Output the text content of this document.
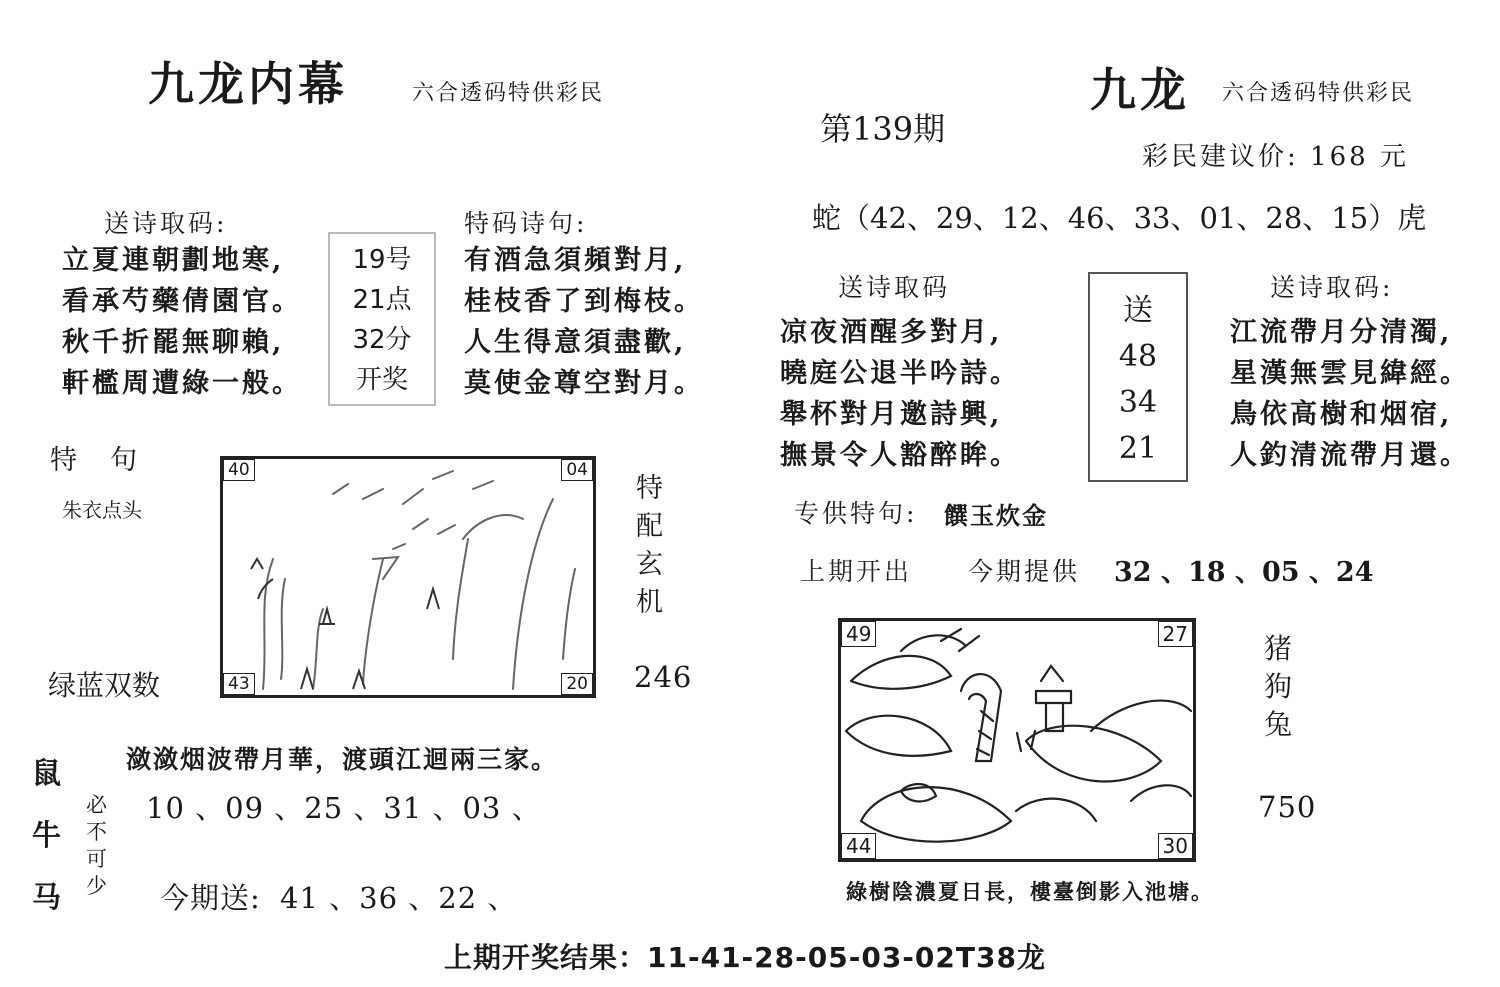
九龙内幕	六合透码特供彩民
送诗取码:
立夏連朝劃地寒,
看承芍藥倩園官。
秋千折罷無聊賴,
軒檻周遭綠一般。
19号
21点
32分
开奖
特码诗句:
有酒急須頻對月,
桂枝香了到梅枝。
人生得意須盡歡,
莫使金尊空對月。
特　句
朱衣点头
绿蓝双数
40	04
43	20
特
配
玄
机
246
潋潋烟波帶月華，渡頭江迴兩三家。
鼠
牛
马
必
不
可
少
10 、09 、25 、31 、03 、
今期送: 41 、36 、22 、
第139期
九龙 六合透码特供彩民
彩民建议价: 168 元
蛇（42、29、12、46、33、01、28、15）虎
送诗取码
凉夜酒醒多對月,
曉庭公退半吟詩。
舉杯對月邀詩興,
撫景令人豁醉眸。
送
48
34
21
送诗取码:
江流帶月分清濁,
星漢無雲見緯經。
鳥依高樹和烟宿,
人釣清流帶月還。
专供特句: 饌玉炊金
上期开出 今期提供 32 、18 、05 、24
49	27
44	30
猪
狗
兔
750
綠樹陰濃夏日長，樓臺倒影入池塘。
上期开奖结果：11-41-28-05-03-02T38龙
